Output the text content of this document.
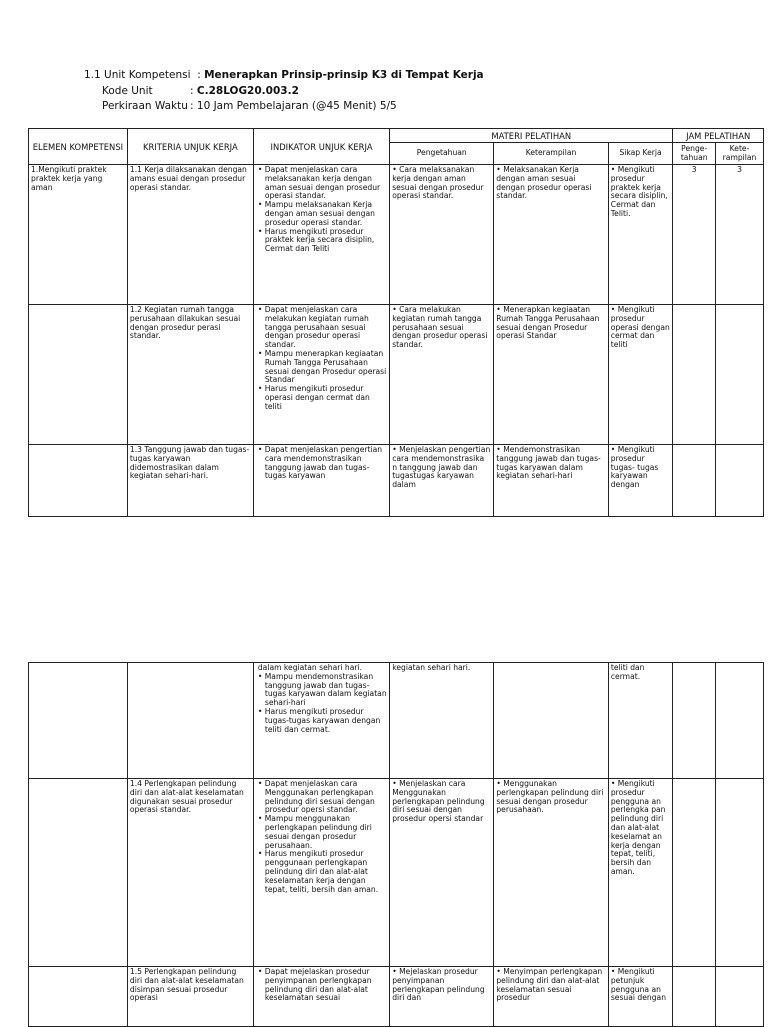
1.1 Unit Kompetensi : Menerapkan Prinsip-prinsip K3 di Tempat Kerja
Kode Unit	: C.28LOG20.003.2
Perkiraan Waktu : 10 Jam Pembelajaran (@45 Menit) 5/5
ELEMEN KOMPETENSI	KRITERIA UNJUK KERJA	INDIKATOR UNJUK KERJA	MATERI PELATIHAN			JAM PELATIHAN	
			Pengetahuan	Keterampilan	Sikap Kerja	Penge- tahuan	Kete- rampilan
1.Mengikuti praktek praktek kerja yang aman	1.1 Kerja dilaksanakan dengan amans esuai dengan prosedur operasi standar.	• Dapat menjelaskan cara melaksanakan kerja dengan aman sesuai dengan prosedur operasi standar.
• Mampu melaksanakan Kerja dengan aman sesuai dengan prosedur operasi standar.
• Harus mengikuti prosedur praktek kerja secara disiplin, Cermat dan Teliti	• Cara melaksanakan kerja dengan aman sesuai dengan prosedur operasi standar.	• Melaksanakan Kerja dengan aman sesuai dengan prosedur operasi standar.	• Mengikuti prosedur praktek kerja secara disiplin, Cermat dan Teliti.	3	3
	1.2 Kegiatan rumah tangga perusahaan dilakukan sesuai dengan prosedur perasi standar.	• Dapat menjelaskan cara melakukan kegiatan rumah tangga perusahaan sesuai dengan prosedur operasi standar.
• Mampu menerapkan kegiaatan Rumah Tangga Perusahaan sesuai dengan Prosedur operasi Standar
• Harus mengikuti prosedur operasi dengan cermat dan teliti	• Cara melakukan kegiatan rumah tangga perusahaan sesuai dengan prosedur operasi standar.	• Menerapkan kegiaatan Rumah Tangga Perusahaan sesuai dengan Prosedur operasi Standar	• Mengikuti prosedur operasi dengan cermat dan teliti		
	1.3 Tanggung jawab dan tugas-tugas karyawan didemostrasikan dalam kegiatan sehari-hari.	• Dapat menjelaskan pengertian cara mendemonstrasikan tanggung jawab dan tugas-tugas karyawan	• Menjelaskan pengertian cara mendemonstrasika n tanggung jawab dan tugastugas karyawan dalam	• Mendemonstrasikan tanggung jawab dan tugas-tugas karyawan dalam kegiatan sehari-hari	• Mengikuti prosedur tugas- tugas karyawan dengan		

		dalam kegiatan sehari hari.
• Mampu mendemonstrasikan tanggung jawab dan tugas-tugas karyawan dalam kegiatan sehari-hari
• Harus mengikuti prosedur tugas-tugas karyawan dengan teliti dan cermat.	kegiatan sehari hari.		teliti dan cermat.		
	1.4 Perlengkapan pelindung diri dan alat-alat keselamatan digunakan sesuai prosedur operasi standar.	• Dapat menjelaskan cara Menggunakan perlengkapan pelindung diri sesuai dengan prosedur opersi standar.
• Mampu menggunakan perlengkapan pelindung diri sesuai dengan prosedur perusahaan.
• Harus mengikuti prosedur penggunaan perlengkapan pelindung diri dan alat-alat keselamatan kerja dengan tepat, teliti, bersih dan aman.	• Menjelaskan cara Menggunakan perlengkapan pelindung diri sesuai dengan prosedur opersi standar	• Menggunakan perlengkapan pelindung diri sesuai dengan prosedur perusahaan.	• Mengikuti prosedur pengguna an perlengka pan pelindung diri dan alat-alat keselamat an kerja dengan tepat, teliti, bersih dan aman.		
	1.5 Perlengkapan pelindung diri dan alat-alat keselamatan disimpan sesuai prosedur operasi	• Dapat mejelaskan prosedur penyimpanan perlengkapan pelindung diri dan alat-alat keselamatan sesuai	• Mejelaskan prosedur penyimpanan perlengkapan pelindung diri dan	• Menyimpan perlengkapan pelindung diri dan alat-alat keselamatan sesuai prosedur	• Mengikuti petunjuk pengguna an sesuai dengan		
